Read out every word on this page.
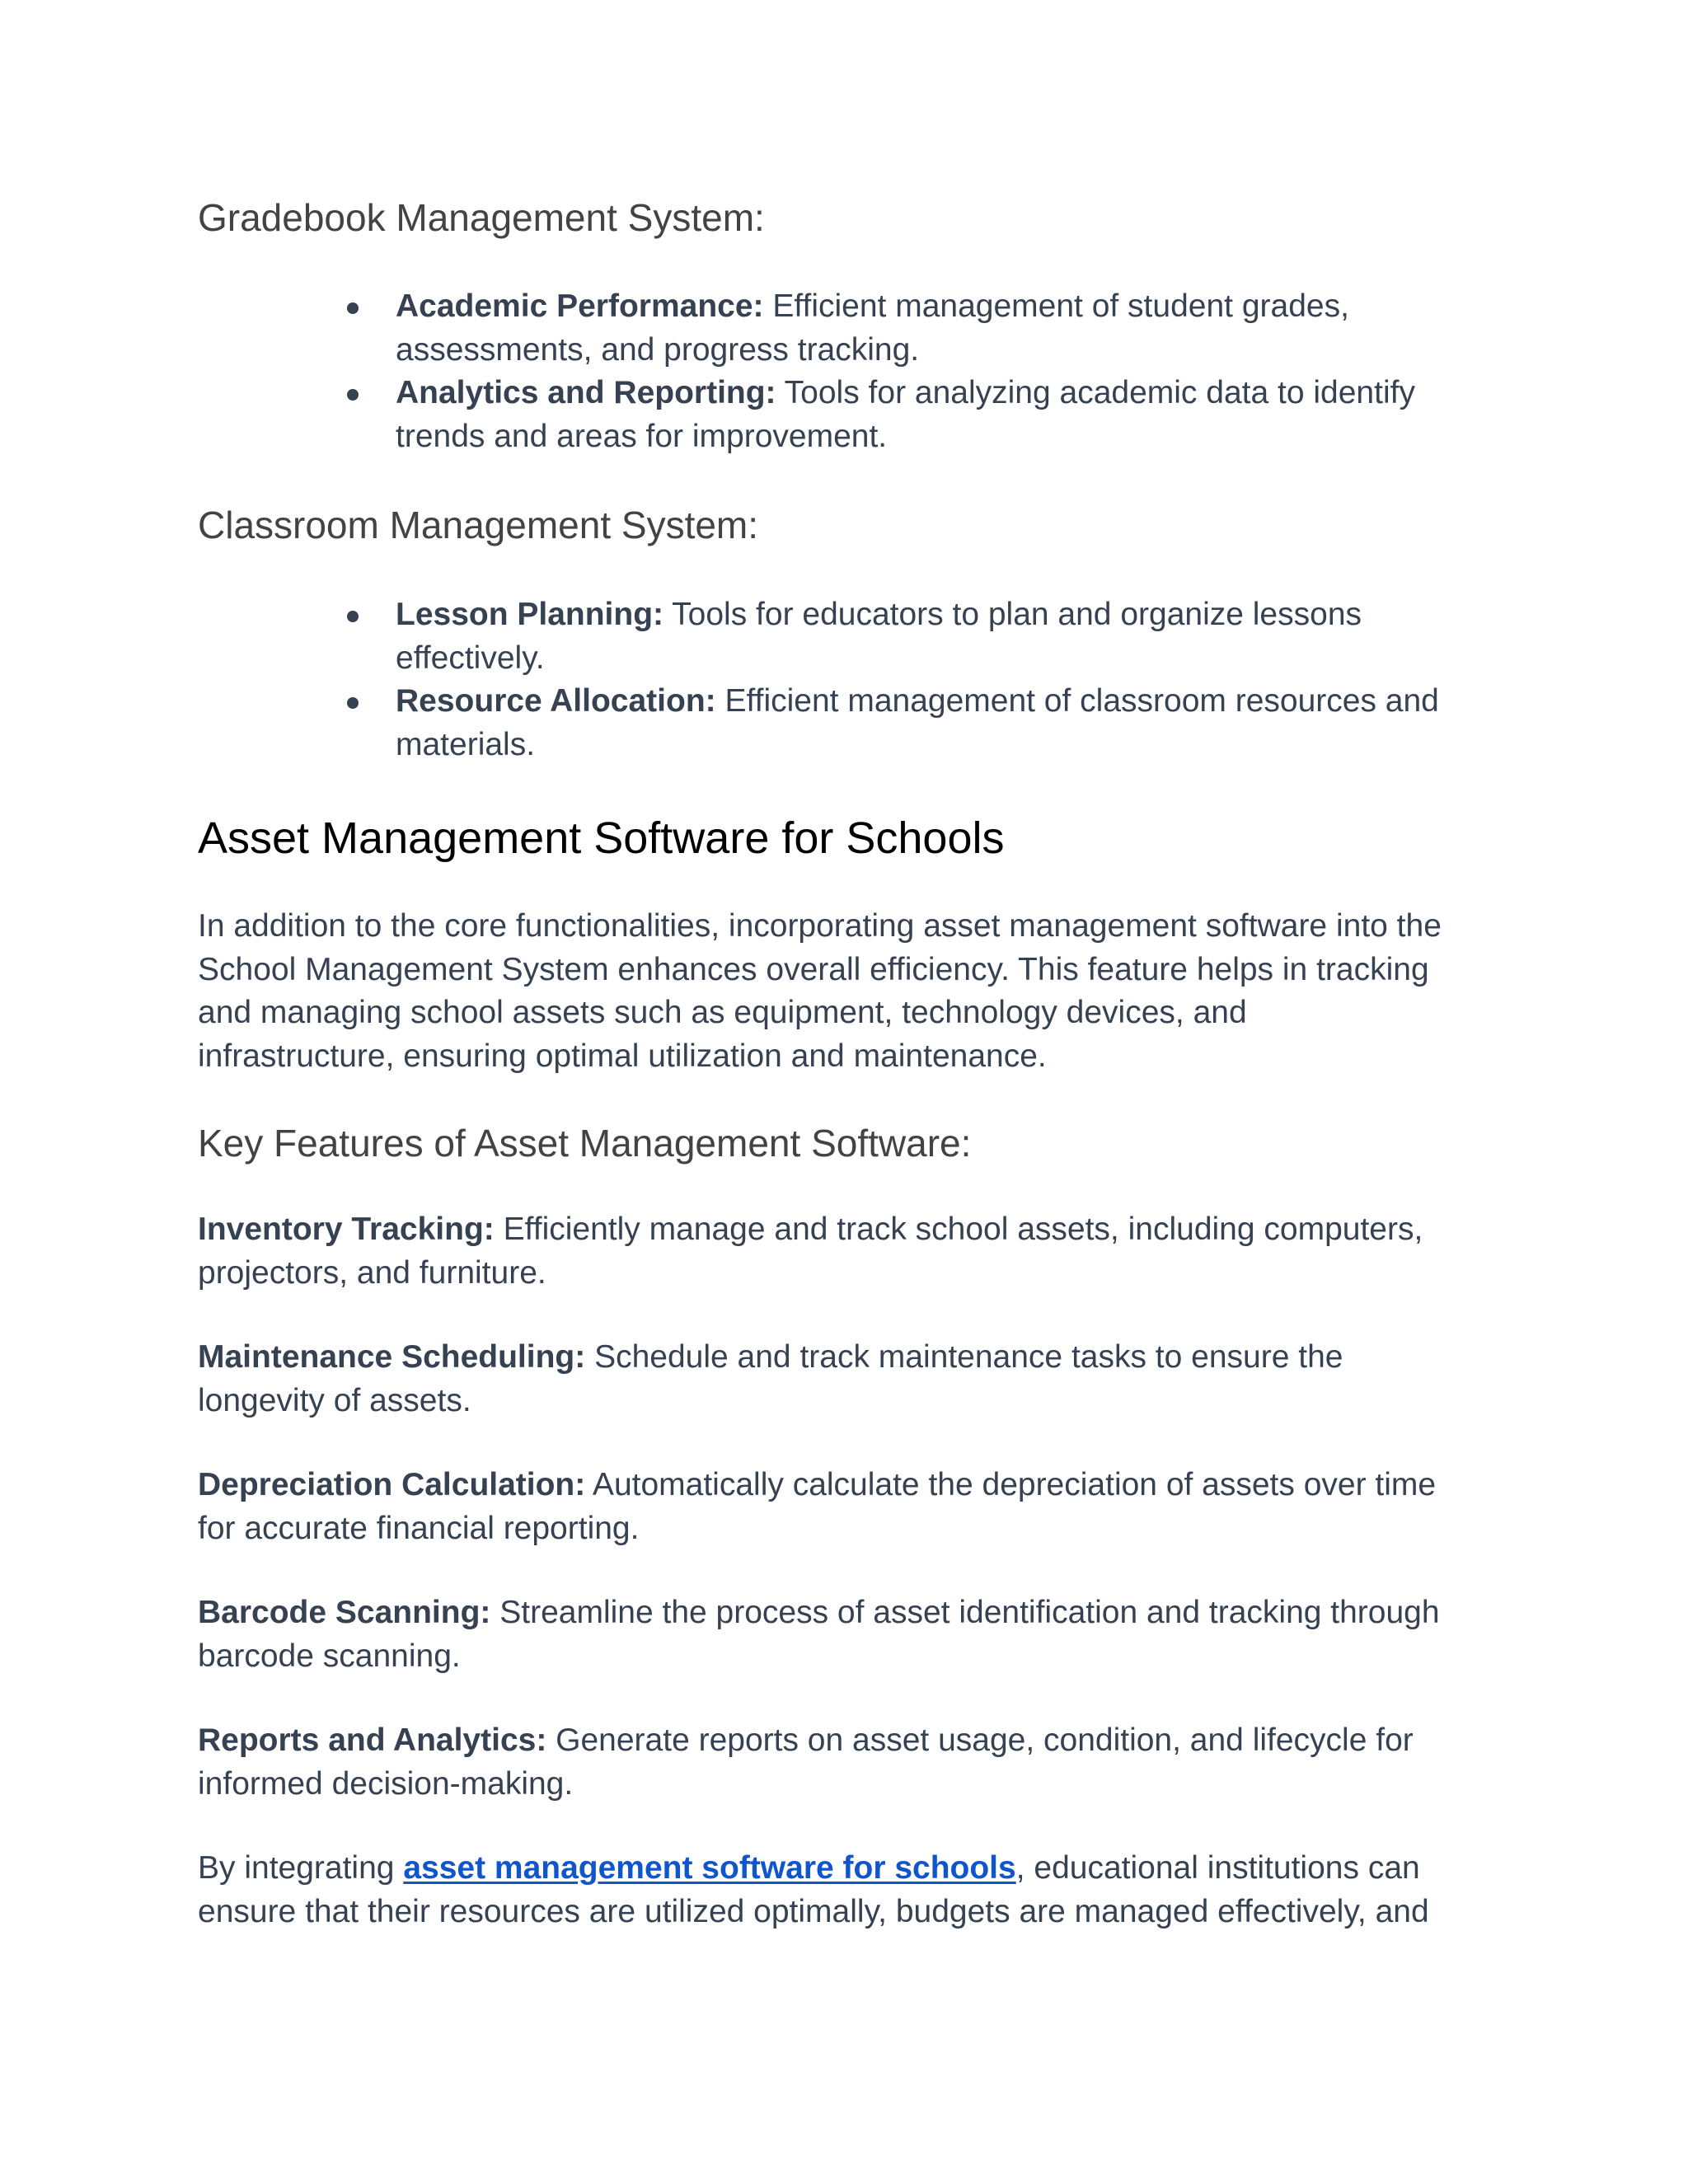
Gradebook Management System:
Academic Performance: Efficient management of student grades,
assessments, and progress tracking.
Analytics and Reporting: Tools for analyzing academic data to identify
trends and areas for improvement.
Classroom Management System:
Lesson Planning: Tools for educators to plan and organize lessons
effectively.
Resource Allocation: Efficient management of classroom resources and
materials.
Asset Management Software for Schools

In addition to the core functionalities, incorporating asset management software into the
School Management System enhances overall efficiency. This feature helps in tracking
and managing school assets such as equipment, technology devices, and
infrastructure, ensuring optimal utilization and maintenance.

Key Features of Asset Management Software:

Inventory Tracking: Efficiently manage and track school assets, including computers,
projectors, and furniture.

Maintenance Scheduling: Schedule and track maintenance tasks to ensure the
longevity of assets.

Depreciation Calculation: Automatically calculate the depreciation of assets over time
for accurate financial reporting.

Barcode Scanning: Streamline the process of asset identification and tracking through
barcode scanning.

Reports and Analytics: Generate reports on asset usage, condition, and lifecycle for
informed decision-making.

By integrating asset management software for schools, educational institutions can
ensure that their resources are utilized optimally, budgets are managed effectively, and
